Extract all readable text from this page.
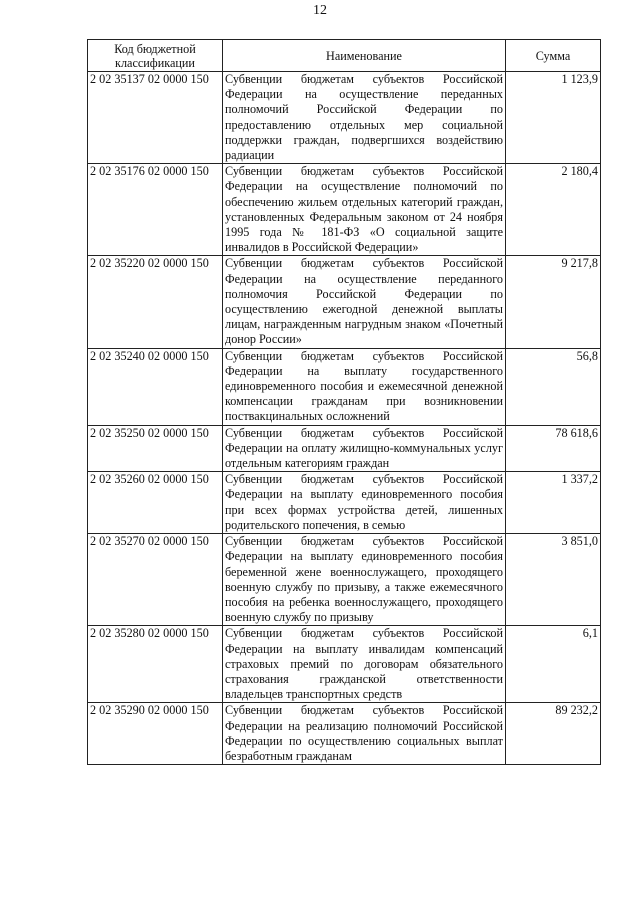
12
Код бюджетной классификации	Наименование	Сумма
2 02 35137 02 0000 150	Субвенции бюджетам субъектов Российской Федерации на осуществление переданных полномочий Российской Федерации по предоставлению отдельных мер социальной поддержки граждан, подвергшихся воздействию радиации	1 123,9
2 02 35176 02 0000 150	Субвенции бюджетам субъектов Российской Федерации на осуществление полномочий по обеспечению жильем отдельных категорий граждан, установленных Федеральным законом от 24 ноября 1995 года № 181-ФЗ «О социальной защите инвалидов в Российской Федерации»	2 180,4
2 02 35220 02 0000 150	Субвенции бюджетам субъектов Российской Федерации на осуществление переданного полномочия Российской Федерации по осуществлению ежегодной денежной выплаты лицам, награжденным нагрудным знаком «Почетный донор России»	9 217,8
2 02 35240 02 0000 150	Субвенции бюджетам субъектов Российской Федерации на выплату государственного единовременного пособия и ежемесячной денежной компенсации гражданам при возникновении поствакцинальных осложнений	56,8
2 02 35250 02 0000 150	Субвенции бюджетам субъектов Российской Федерации на оплату жилищно-коммунальных услуг отдельным категориям граждан	78 618,6
2 02 35260 02 0000 150	Субвенции бюджетам субъектов Российской Федерации на выплату единовременного пособия при всех формах устройства детей, лишенных родительского попечения, в семью	1 337,2
2 02 35270 02 0000 150	Субвенции бюджетам субъектов Российской Федерации на выплату единовременного пособия беременной жене военнослужащего, проходящего военную службу по призыву, а также ежемесячного пособия на ребенка военнослужащего, проходящего военную службу по призыву	3 851,0
2 02 35280 02 0000 150	Субвенции бюджетам субъектов Российской Федерации на выплату инвалидам компенсаций страховых премий по договорам обязательного страхования гражданской ответственности владельцев транспортных средств	6,1
2 02 35290 02 0000 150	Субвенции бюджетам субъектов Российской Федерации на реализацию полномочий Российской Федерации по осуществлению социальных выплат безработным гражданам	89 232,2
